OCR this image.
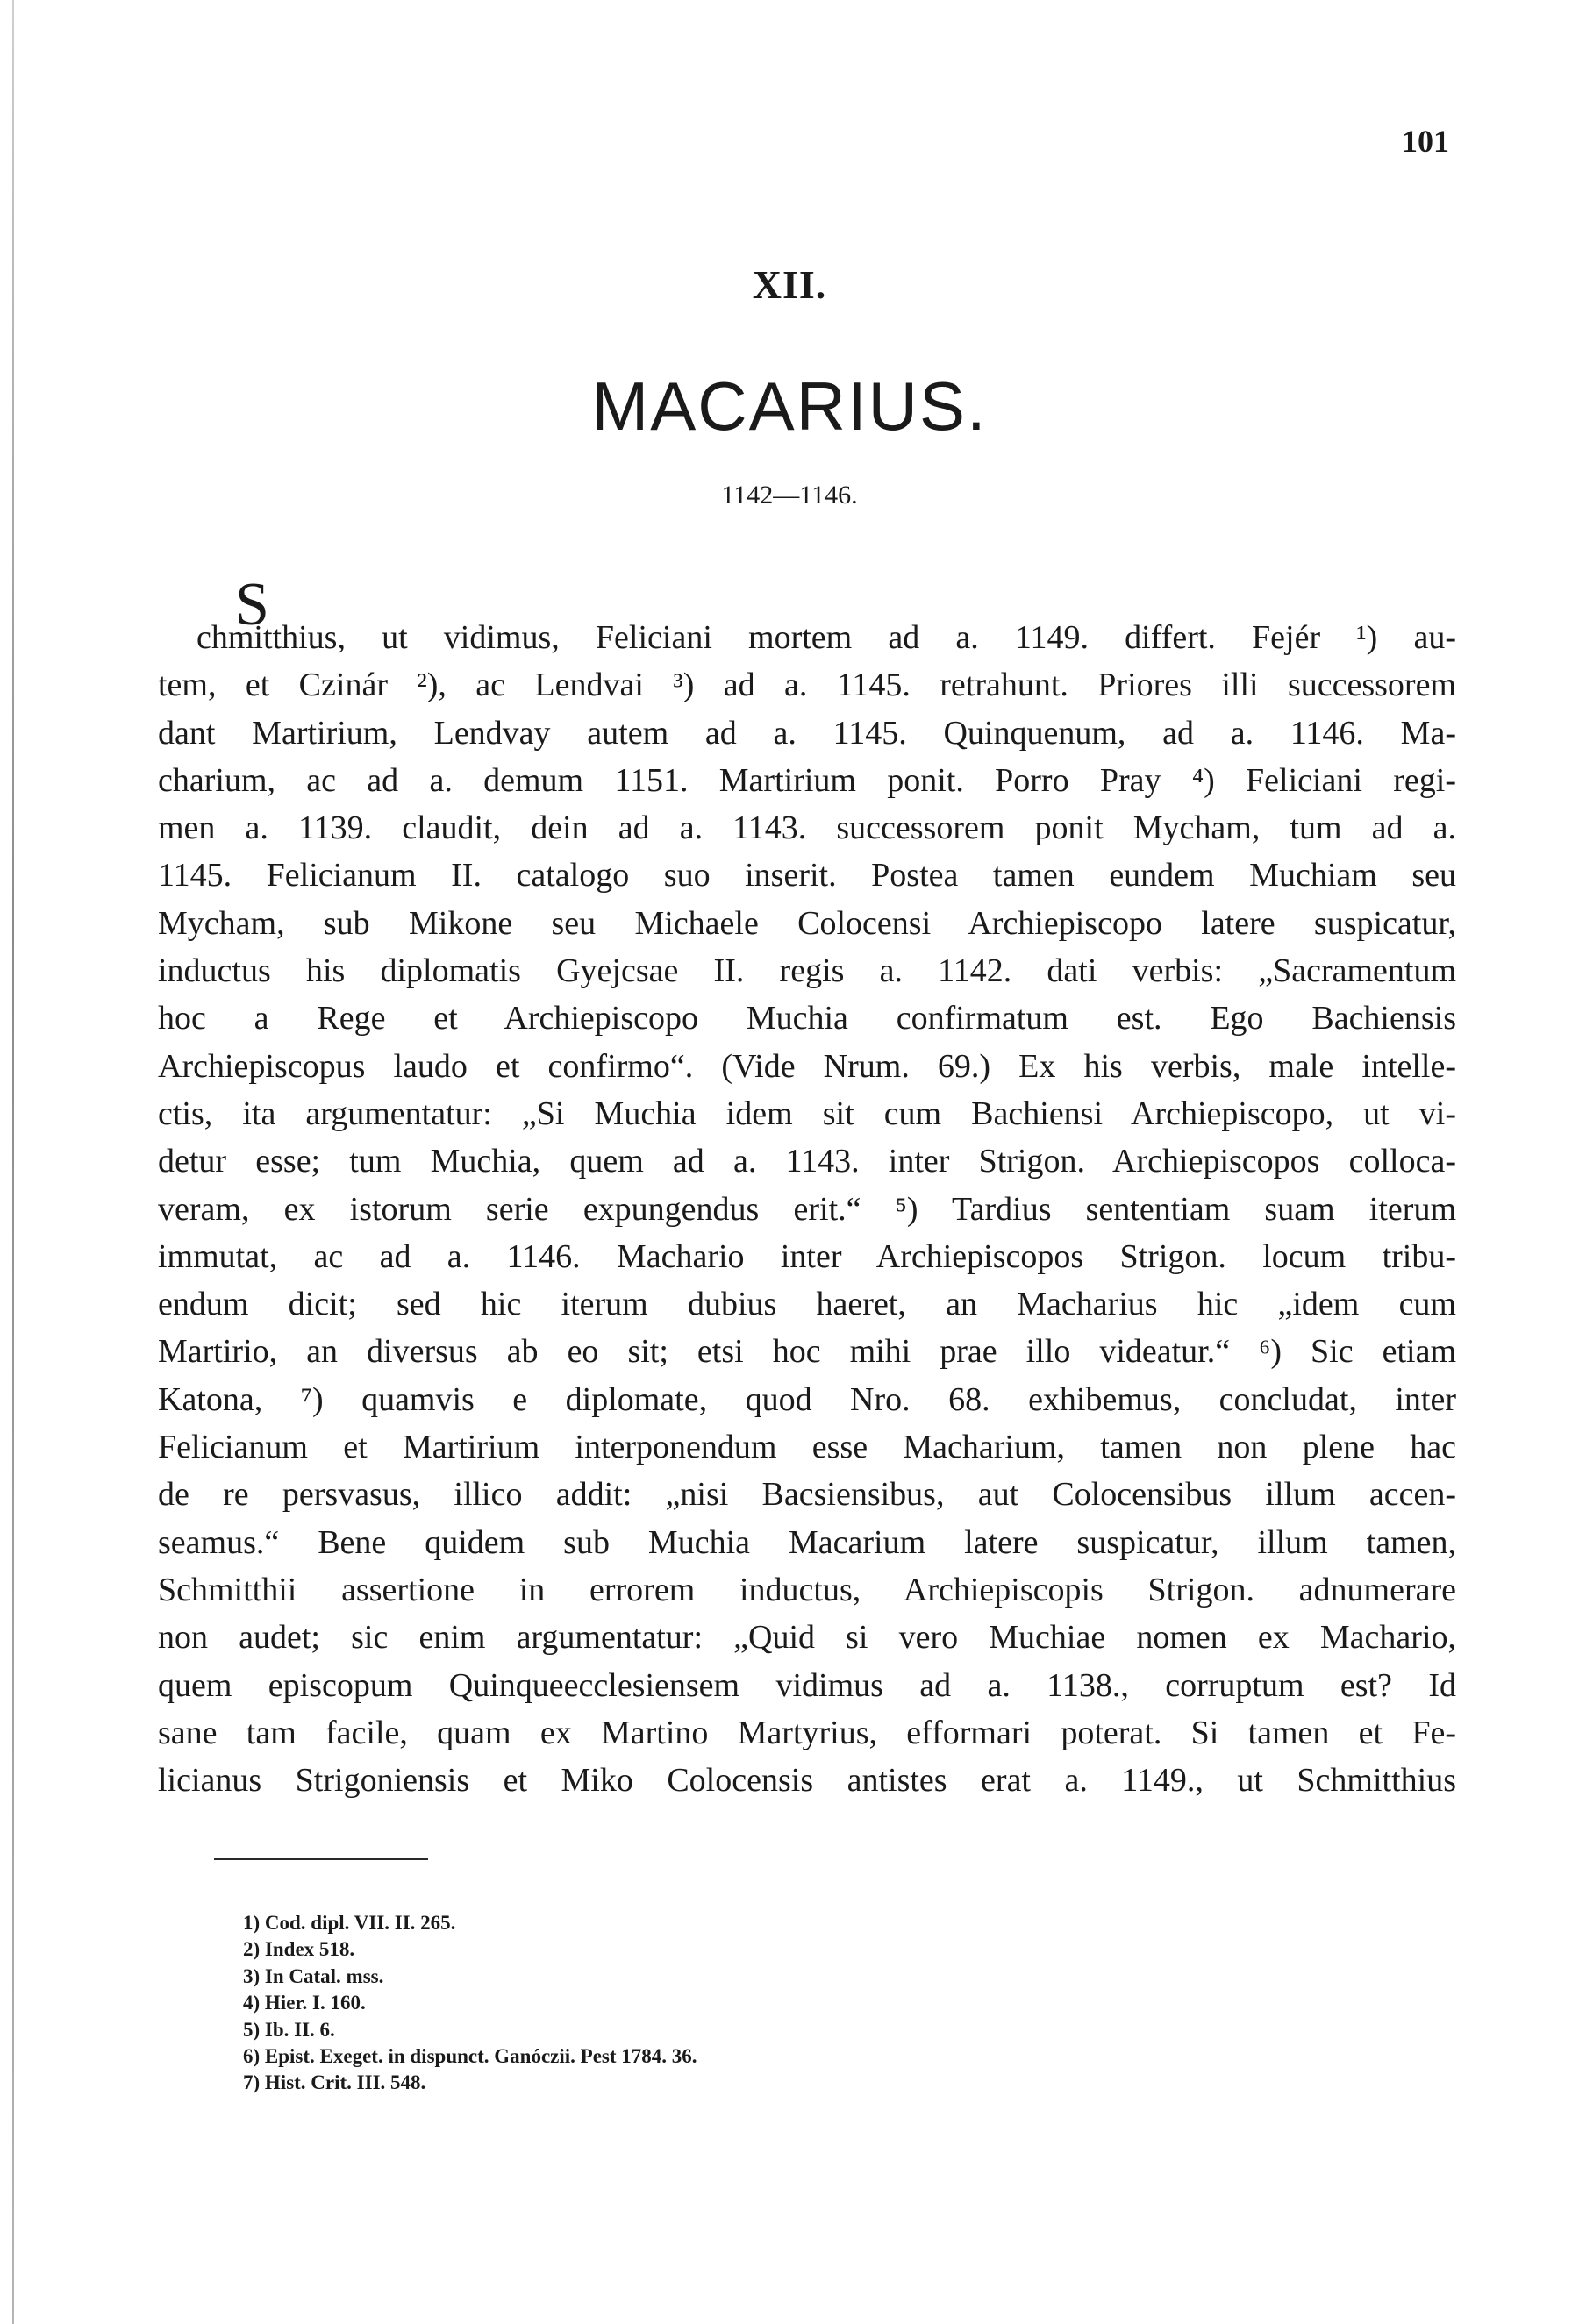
101
XII.
MACARIUS.
1142—1146.
S
chmitthius, ut vidimus, Feliciani mortem ad a. 1149. differt. Fejér ¹) au-
tem, et Czinár ²), ac Lendvai ³) ad a. 1145. retrahunt. Priores illi successorem
dant Martirium, Lendvay autem ad a. 1145. Quinquenum, ad a. 1146. Ma-
charium, ac ad a. demum 1151. Martirium ponit. Porro Pray ⁴) Feliciani regi-
men a. 1139. claudit, dein ad a. 1143. successorem ponit Mycham, tum ad a.
1145. Felicianum II. catalogo suo inserit. Postea tamen eundem Muchiam seu
Mycham, sub Mikone seu Michaele Colocensi Archiepiscopo latere suspicatur,
inductus his diplomatis Gyejcsae II. regis a. 1142. dati verbis: „Sacramentum
hoc a Rege et Archiepiscopo Muchia confirmatum est. Ego Bachiensis
Archiepiscopus laudo et confirmo“. (Vide Nrum. 69.) Ex his verbis, male intelle-
ctis, ita argumentatur: „Si Muchia idem sit cum Bachiensi Archiepiscopo, ut vi-
detur esse; tum Muchia, quem ad a. 1143. inter Strigon. Archiepiscopos colloca-
veram, ex istorum serie expungendus erit.“ ⁵) Tardius sententiam suam iterum
immutat, ac ad a. 1146. Machario inter Archiepiscopos Strigon. locum tribu-
endum dicit; sed hic iterum dubius haeret, an Macharius hic „idem cum
Martirio, an diversus ab eo sit; etsi hoc mihi prae illo videatur.“ ⁶) Sic etiam
Katona, ⁷) quamvis e diplomate, quod Nro. 68. exhibemus, concludat, inter
Felicianum et Martirium interponendum esse Macharium, tamen non plene hac
de re persvasus, illico addit: „nisi Bacsiensibus, aut Colocensibus illum accen-
seamus.“ Bene quidem sub Muchia Macarium latere suspicatur, illum tamen,
Schmitthii assertione in errorem inductus, Archiepiscopis Strigon. adnumerare
non audet; sic enim argumentatur: „Quid si vero Muchiae nomen ex Machario,
quem episcopum Quinqueecclesiensem vidimus ad a. 1138., corruptum est? Id
sane tam facile, quam ex Martino Martyrius, efformari poterat. Si tamen et Fe-
licianus Strigoniensis et Miko Colocensis antistes erat a. 1149., ut Schmitthius
1) Cod. dipl. VII. II. 265.
2) Index 518.
3) In Catal. mss.
4) Hier. I. 160.
5) Ib. II. 6.
6) Epist. Exeget. in dispunct. Ganóczii. Pest 1784. 36.
7) Hist. Crit. III. 548.
